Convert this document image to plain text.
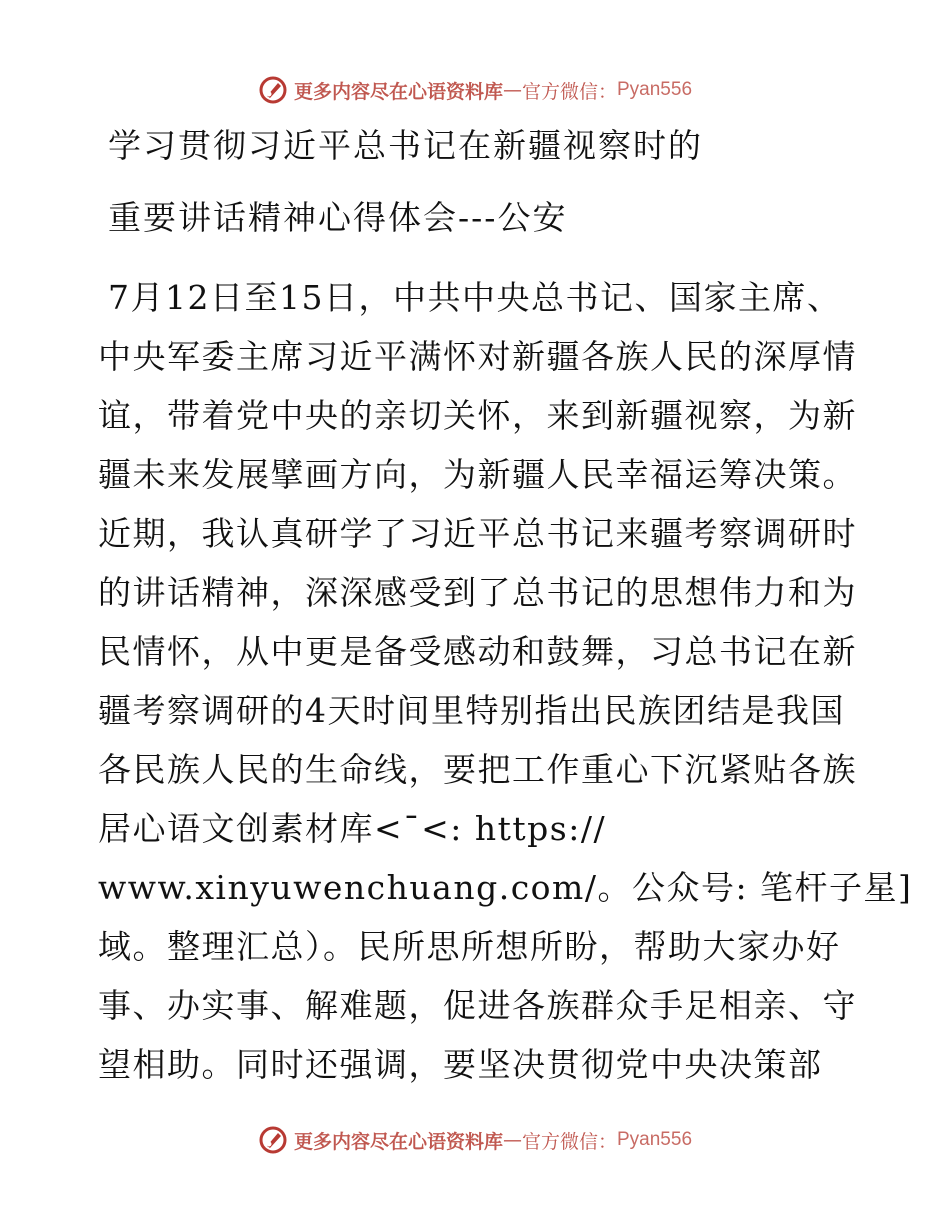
更多内容尽在心语资料库 — 官方微信： Pyan556
学习贯彻习近平总书记在新疆视察时的
重要讲话精神心得体会---公安
7月12日至15日，中共中央总书记、国家主席、
中央军委主席习近平满怀对新疆各族人民的深厚情
谊，带着党中央的亲切关怀，来到新疆视察，为新
疆未来发展擘画方向，为新疆人民幸福运筹决策。
近期，我认真研学了习近平总书记来疆考察调研时
的讲话精神，深深感受到了总书记的思想伟力和为
民情怀，从中更是备受感动和鼓舞，习总书记在新
疆考察调研的4天时间里特别指出民族团结是我国
各民族人民的生命线，要把工作重心下沉紧贴各族
居心语文创素材库<¯<: https://
www.xinyuwenchuang.com/。公众号: 笔杆子星]
域。整理汇总）。民所思所想所盼，帮助大家办好
事、办实事、解难题，促进各族群众手足相亲、守
望相助。同时还强调，要坚决贯彻党中央决策部
更多内容尽在心语资料库 — 官方微信： Pyan556
